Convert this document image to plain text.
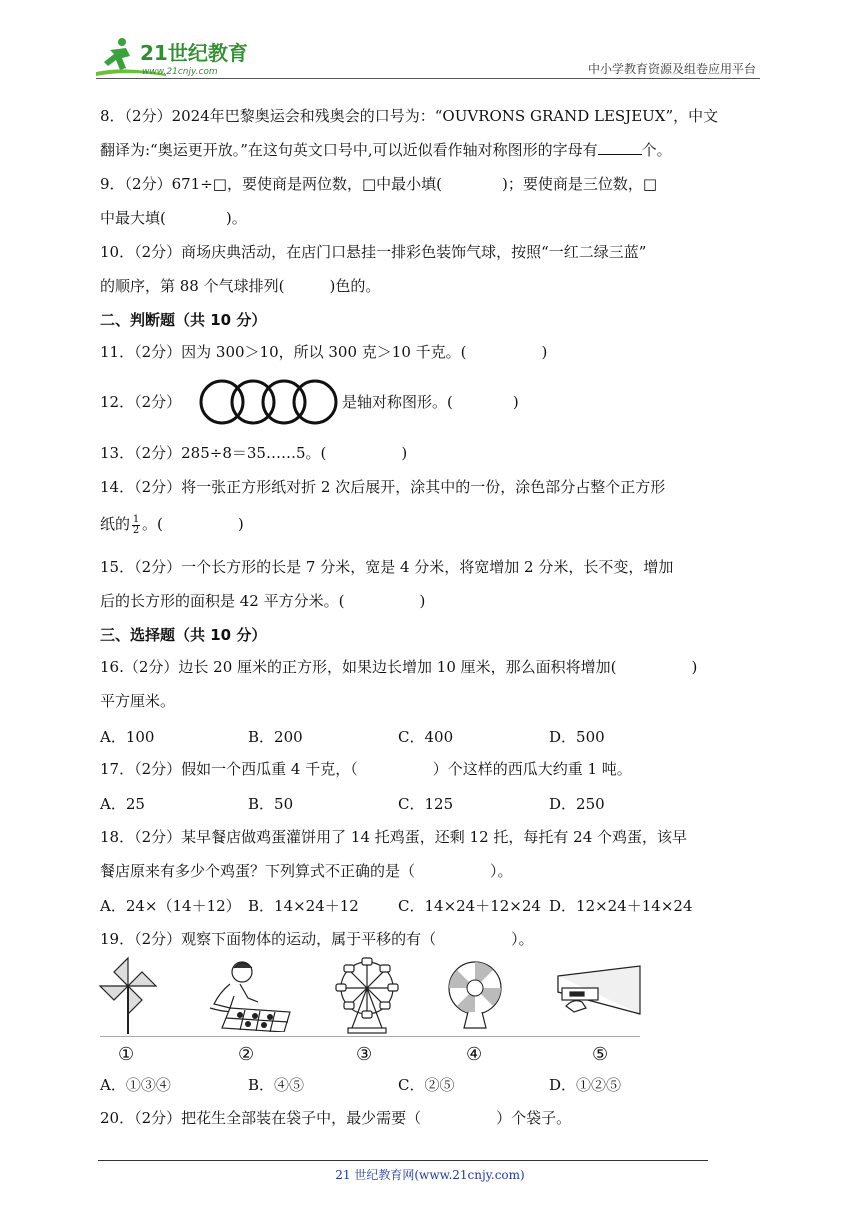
21世纪教育
www.21cnjy.com	中小学教育资源及组卷应用平台
8．（2分）2024年巴黎奥运会和残奥会的口号为：“OUVRONS GRAND LESJEUX”，中文
翻译为:“奥运更开放。”在这句英文口号中,可以近似看作轴对称图形的字母有	个。
9．（2分）671÷□，要使商是两位数，□中最小填(　　　　)；要使商是三位数，□
中最大填(　　　　)。
10．（2分）商场庆典活动，在店门口悬挂一排彩色装饰气球，按照“一红二绿三蓝”
的顺序，第 88 个气球排列(　　　)色的。
二、判断题（共 10 分）
11．（2分）因为 300＞10，所以 300 克＞10 千克。(　　　　　)
12．（2分）	是轴对称图形。(　　　　)
13．（2分）285÷8＝35……5。(　　　　　)
14．（2分）将一张正方形纸对折 2 次后展开，涂其中的一份，涂色部分占整个正方形
纸的 $\frac{1}{2}$ 。(　　　　　)
15．（2分）一个长方形的长是 7 分米，宽是 4 分米，将宽增加 2 分米，长不变，增加
后的长方形的面积是 42 平方分米。(　　　　　)
三、选择题（共 10 分）
16.（2分）边长 20 厘米的正方形，如果边长增加 10 厘米，那么面积将增加(　　　　　)
平方厘米。
A．100	B．200	C．400	D．500
17．（2分）假如一个西瓜重 4 千克，（　　　　　）个这样的西瓜大约重 1 吨。
A．25	B．50	C．125	D．250
18．（2分）某早餐店做鸡蛋灌饼用了 14 托鸡蛋，还剩 12 托，每托有 24 个鸡蛋，该早
餐店原来有多少个鸡蛋？下列算式不正确的是（　　　　　）。
A．24×（14＋12） B．14×24＋12	C．14×24＋12×24 D．12×24＋14×24
19．（2分）观察下面物体的运动，属于平移的有（　　　　　）。
①	②	③	④	⑤
A．①③④	B．④⑤	C．②⑤	D．①②⑤
20．（2分）把花生全部装在袋子中，最少需要（　　　　　）个袋子。
21 世纪教育网(www.21cnjy.com)
